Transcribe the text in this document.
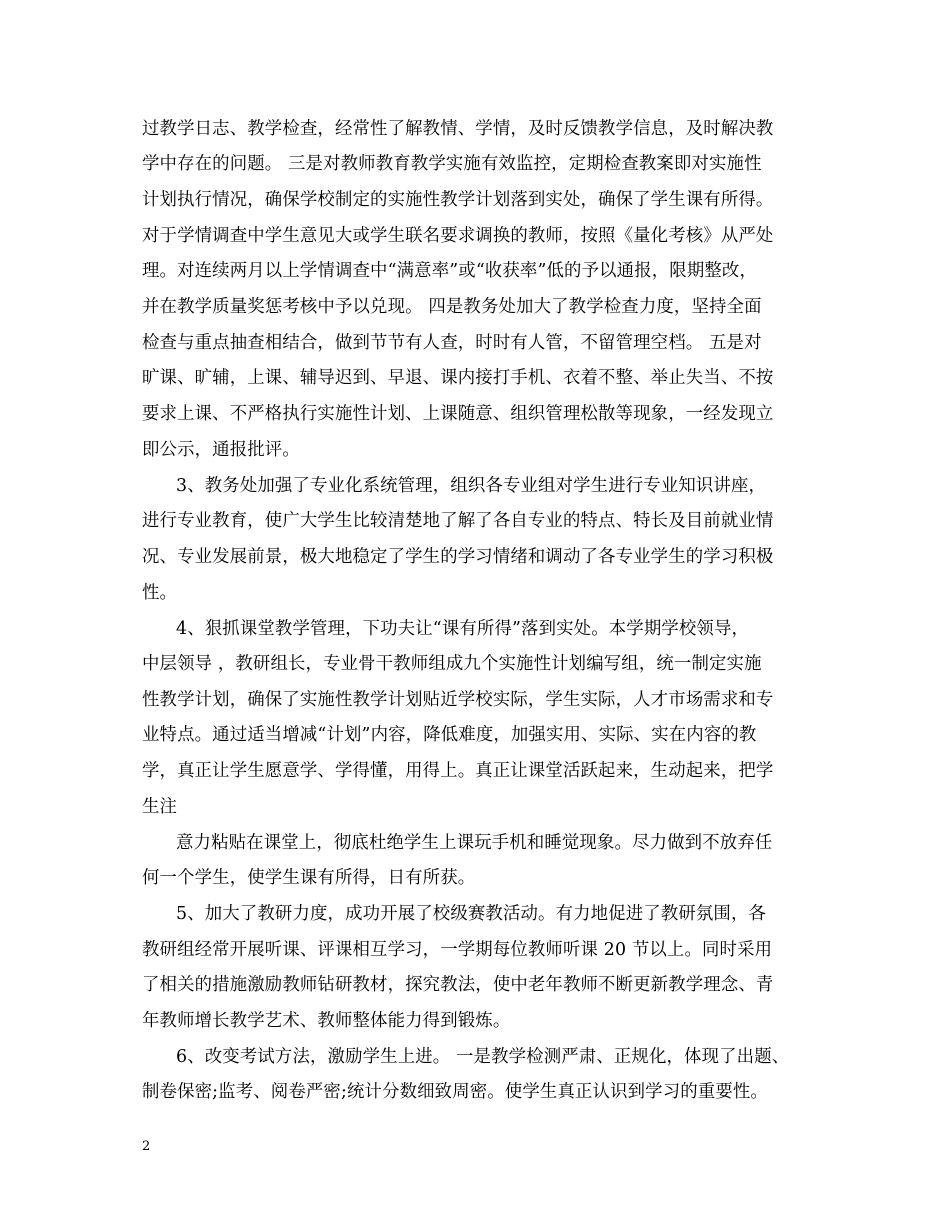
过教学日志、教学检查，经常性了解教情、学情，及时反馈教学信息，及时解决教
学中存在的问题。 三是对教师教育教学实施有效监控，定期检查教案即对实施性
计划执行情况，确保学校制定的实施性教学计划落到实处，确保了学生课有所得。
对于学情调查中学生意见大或学生联名要求调换的教师，按照《量化考核》从严处
理。对连续两月以上学情调查中“满意率”或“收获率”低的予以通报，限期整改，
并在教学质量奖惩考核中予以兑现。 四是教务处加大了教学检查力度，坚持全面
检查与重点抽查相结合，做到节节有人查，时时有人管，不留管理空档。 五是对
旷课、旷辅，上课、辅导迟到、早退、课内接打手机、衣着不整、举止失当、不按
要求上课、不严格执行实施性计划、上课随意、组织管理松散等现象，一经发现立
即公示，通报批评。
3、教务处加强了专业化系统管理，组织各专业组对学生进行专业知识讲座，
进行专业教育，使广大学生比较清楚地了解了各自专业的特点、特长及目前就业情
况、专业发展前景，极大地稳定了学生的学习情绪和调动了各专业学生的学习积极
性。
4、狠抓课堂教学管理，下功夫让“课有所得”落到实处。本学期学校领导，
中层领导 ，教研组长，专业骨干教师组成九个实施性计划编写组，统一制定实施
性教学计划，确保了实施性教学计划贴近学校实际，学生实际，人才市场需求和专
业特点。通过适当增减“计划”内容，降低难度，加强实用、实际、实在内容的教
学，真正让学生愿意学、学得懂，用得上。真正让课堂活跃起来，生动起来，把学
生注
意力粘贴在课堂上，彻底杜绝学生上课玩手机和睡觉现象。尽力做到不放弃任
何一个学生，使学生课有所得，日有所获。
5、加大了教研力度，成功开展了校级赛教活动。有力地促进了教研氛围，各
教研组经常开展听课、评课相互学习，一学期每位教师听课 20 节以上。同时采用
了相关的措施激励教师钻研教材，探究教法，使中老年教师不断更新教学理念、青
年教师增长教学艺术、教师整体能力得到锻炼。
6、改变考试方法，激励学生上进。 一是教学检测严肃、正规化，体现了出题、
制卷保密;监考、阅卷严密;统计分数细致周密。使学生真正认识到学习的重要性。
2
